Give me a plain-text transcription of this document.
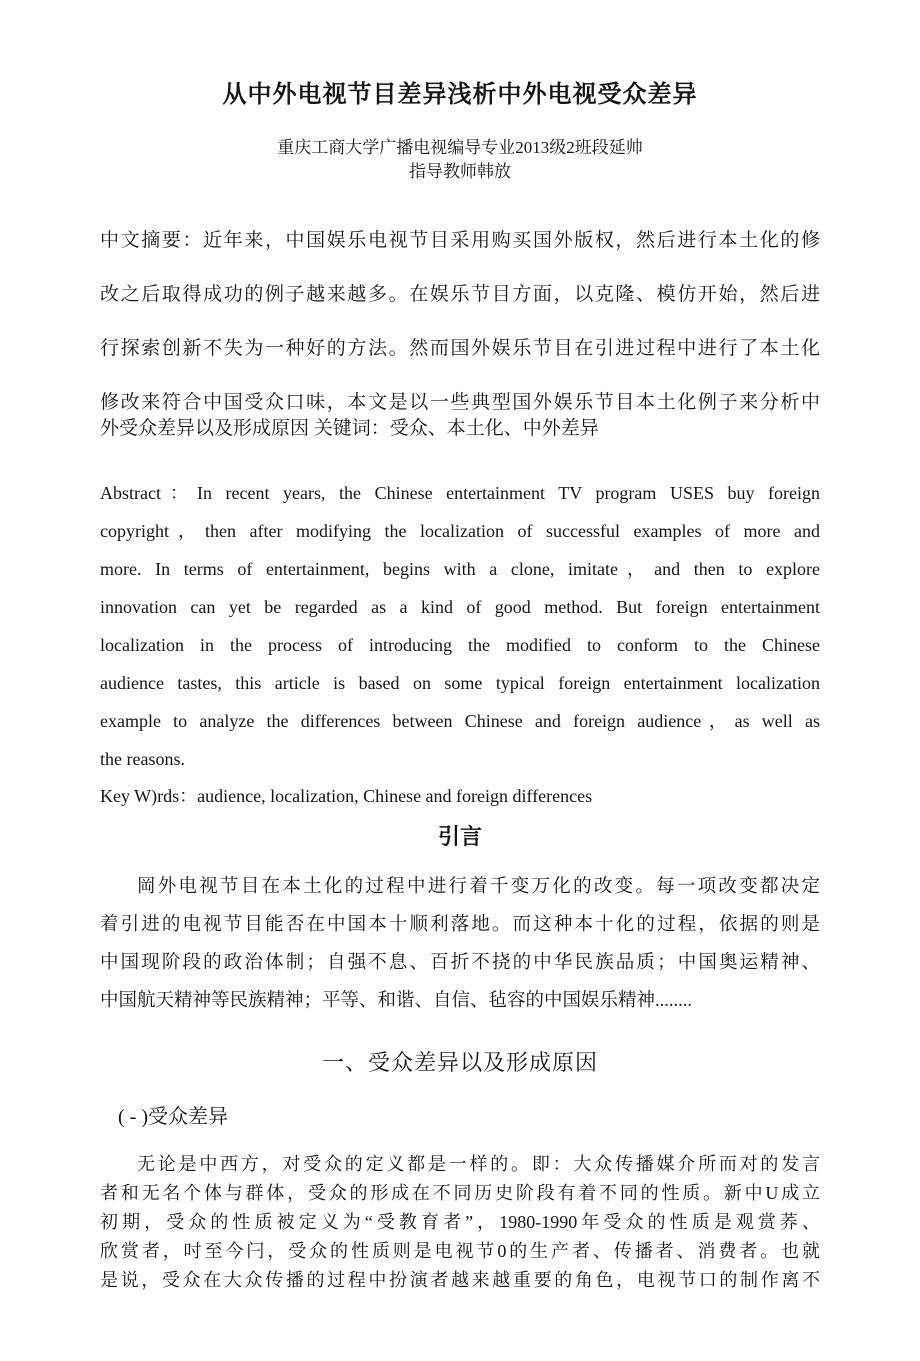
从中外电视节目差异浅析中外电视受众差异
重庆工商大学广播电视编导专业2013级2班段延帅
指导教师韩放
中文摘要：近年来，中国娱乐电视节目采用购买国外版权，然后进行本土化的修
改之后取得成功的例子越来越多。在娱乐节目方面，以克隆、模仿开始，然后进
行探索创新不失为一种好的方法。然而国外娱乐节目在引进过程中进行了本土化
修改来符合中国受众口味，本文是以一些典型国外娱乐节目本土化例子来分析中
外受众差异以及形成原因 关键词：受众、本土化、中外差异
Abstract：In recent years, the Chinese entertainment TV program USES buy foreign
copyright，then after modifying the localization of successful examples of more and
more. In terms of entertainment, begins with a clone, imitate，and then to explore
innovation can yet be regarded as a kind of good method. But foreign entertainment
localization in the process of introducing the modified to conform to the Chinese
audience tastes, this article is based on some typical foreign entertainment localization
example to analyze the differences between Chinese and foreign audience，as well as
the reasons.
Key W)rds：audience, localization, Chinese and foreign differences
引言
岡外电视节目在本土化的过程中进行着千变万化的改变。每一项改变都决定
着引进的电视节目能否在中国本十顺利落地。而这种本十化的过程，依据的则是
中国现阶段的政治体制；自强不息、百折不挠的中华民族品质；中国奥运精神、
中国航天精神等民族精神；平等、和谐、自信、毡容的中国娱乐精神........
一、受众差异以及形成原因
( - )受众差异
无论是中西方，对受众的定义都是一样的。即：大众传播媒介所而对的发言
者和无名个体与群体，受众的形成在不同历史阶段有着不同的性质。新中U成立
初期，受众的性质被定义为“受教育者”，1980-1990年受众的性质是观赏荞、
欣赏者，吋至今闩，受众的性质则是电视节0的生产者、传播者、消费者。也就
是说，受众在大众传播的过程中扮演者越来越重要的角色，电视节口的制作离不
